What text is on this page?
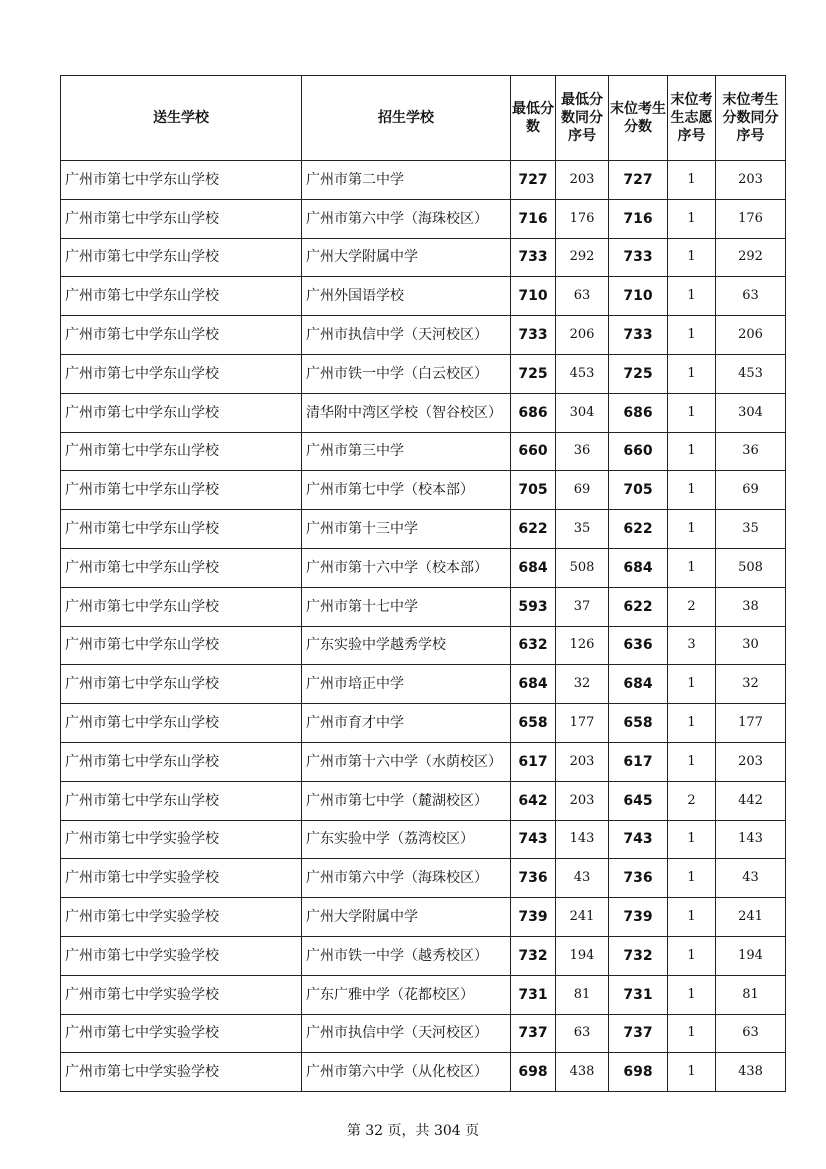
送生学校	招生学校	最低分数	最低分数同分序号	末位考生分数	末位考生志愿序号	末位考生分数同分序号
广州市第七中学东山学校	广州市第二中学	727	203	727	1	203
广州市第七中学东山学校	广州市第六中学（海珠校区）	716	176	716	1	176
广州市第七中学东山学校	广州大学附属中学	733	292	733	1	292
广州市第七中学东山学校	广州外国语学校	710	63	710	1	63
广州市第七中学东山学校	广州市执信中学（天河校区）	733	206	733	1	206
广州市第七中学东山学校	广州市铁一中学（白云校区）	725	453	725	1	453
广州市第七中学东山学校	清华附中湾区学校（智谷校区）	686	304	686	1	304
广州市第七中学东山学校	广州市第三中学	660	36	660	1	36
广州市第七中学东山学校	广州市第七中学（校本部）	705	69	705	1	69
广州市第七中学东山学校	广州市第十三中学	622	35	622	1	35
广州市第七中学东山学校	广州市第十六中学（校本部）	684	508	684	1	508
广州市第七中学东山学校	广州市第十七中学	593	37	622	2	38
广州市第七中学东山学校	广东实验中学越秀学校	632	126	636	3	30
广州市第七中学东山学校	广州市培正中学	684	32	684	1	32
广州市第七中学东山学校	广州市育才中学	658	177	658	1	177
广州市第七中学东山学校	广州市第十六中学（水荫校区）	617	203	617	1	203
广州市第七中学东山学校	广州市第七中学（麓湖校区）	642	203	645	2	442
广州市第七中学实验学校	广东实验中学（荔湾校区）	743	143	743	1	143
广州市第七中学实验学校	广州市第六中学（海珠校区）	736	43	736	1	43
广州市第七中学实验学校	广州大学附属中学	739	241	739	1	241
广州市第七中学实验学校	广州市铁一中学（越秀校区）	732	194	732	1	194
广州市第七中学实验学校	广东广雅中学（花都校区）	731	81	731	1	81
广州市第七中学实验学校	广州市执信中学（天河校区）	737	63	737	1	63
广州市第七中学实验学校	广州市第六中学（从化校区）	698	438	698	1	438
第 32 页，共 304 页
